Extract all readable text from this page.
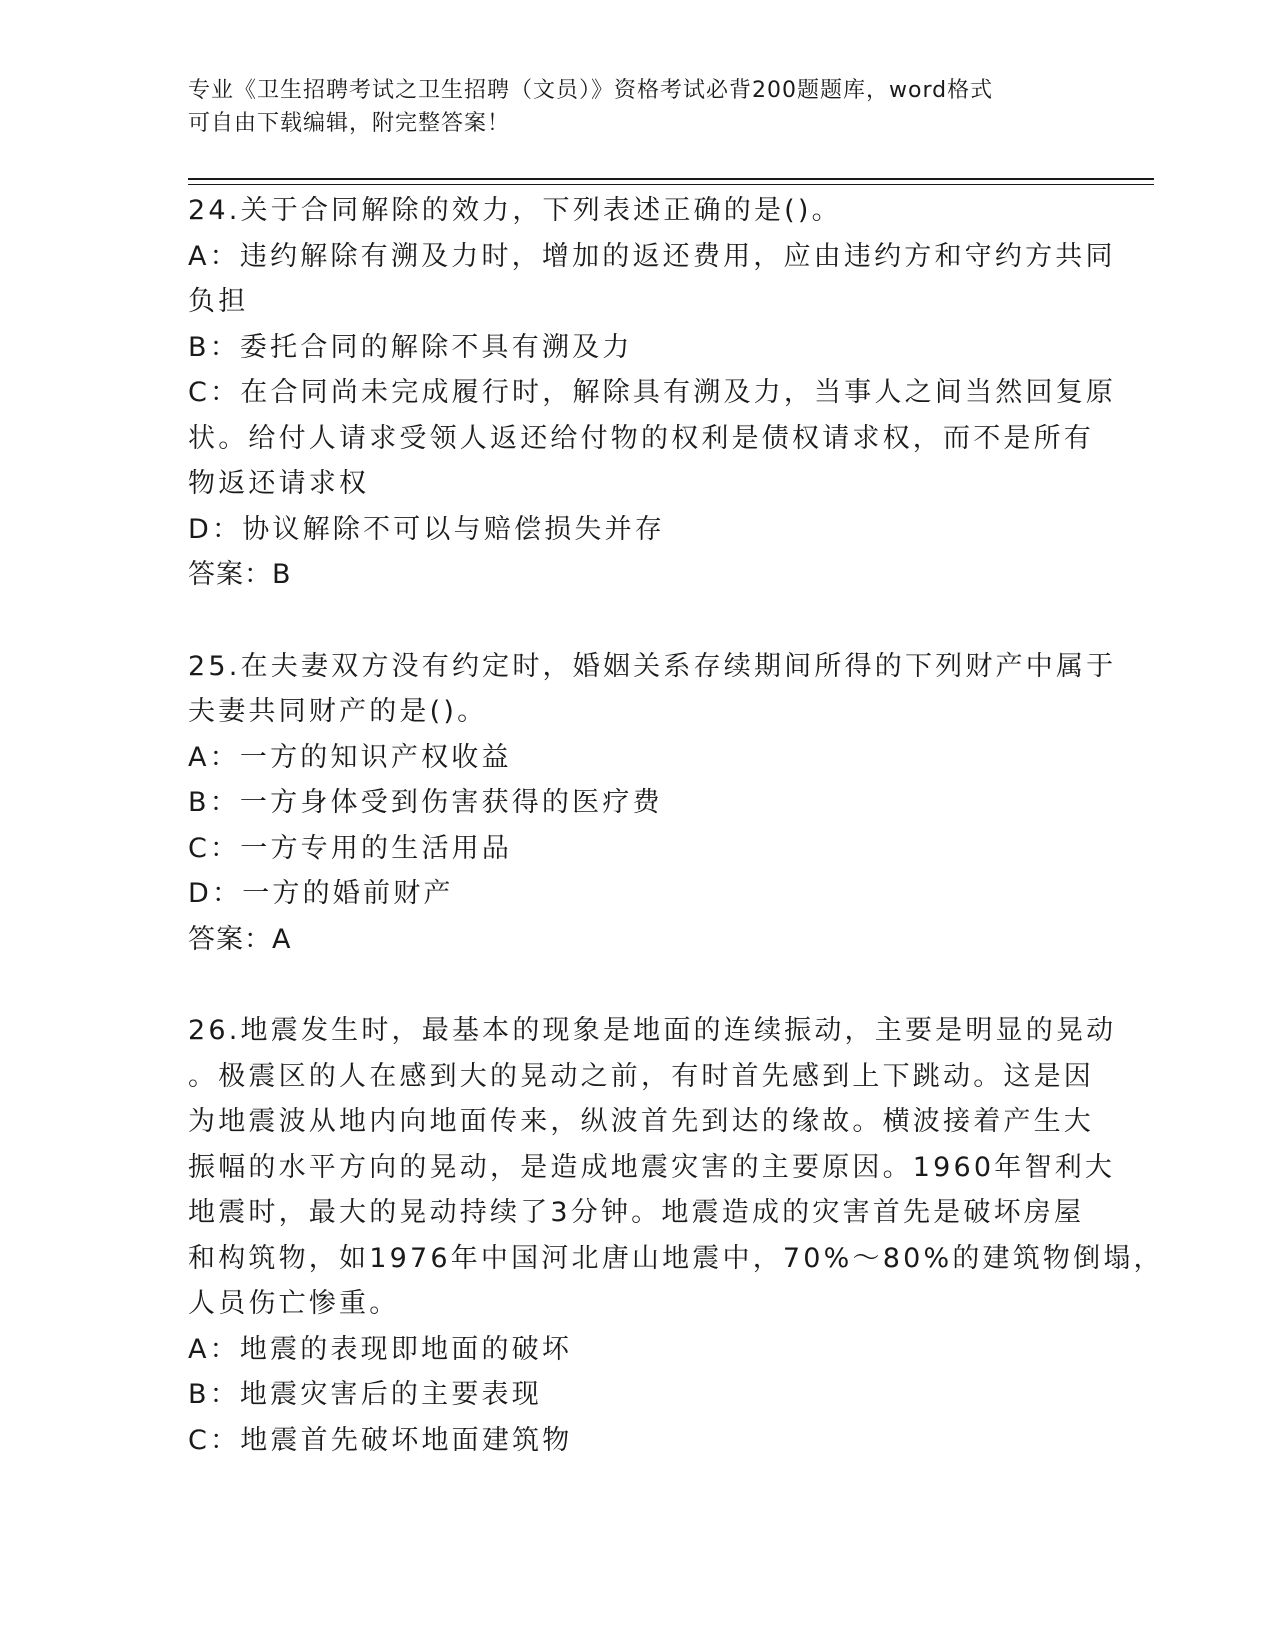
专业《卫生招聘考试之卫生招聘（文员）》资格考试必背200题题库，word格式
可自由下载编辑，附完整答案！
24.关于合同解除的效力，下列表述正确的是()。
A：违约解除有溯及力时，增加的返还费用，应由违约方和守约方共同
负担
B：委托合同的解除不具有溯及力
C：在合同尚未完成履行时，解除具有溯及力，当事人之间当然回复原
状。给付人请求受领人返还给付物的权利是债权请求权，而不是所有
物返还请求权
D：协议解除不可以与赔偿损失并存
答案：B
25.在夫妻双方没有约定时，婚姻关系存续期间所得的下列财产中属于
夫妻共同财产的是()。
A：一方的知识产权收益
B：一方身体受到伤害获得的医疗费
C：一方专用的生活用品
D：一方的婚前财产
答案：A
26.地震发生时，最基本的现象是地面的连续振动，主要是明显的晃动
。极震区的人在感到大的晃动之前，有时首先感到上下跳动。这是因
为地震波从地内向地面传来，纵波首先到达的缘故。横波接着产生大
振幅的水平方向的晃动，是造成地震灾害的主要原因。1960年智利大
地震时，最大的晃动持续了3分钟。地震造成的灾害首先是破坏房屋
和构筑物，如1976年中国河北唐山地震中，70%～80%的建筑物倒塌，
人员伤亡惨重。
A：地震的表现即地面的破坏
B：地震灾害后的主要表现
C：地震首先破坏地面建筑物
